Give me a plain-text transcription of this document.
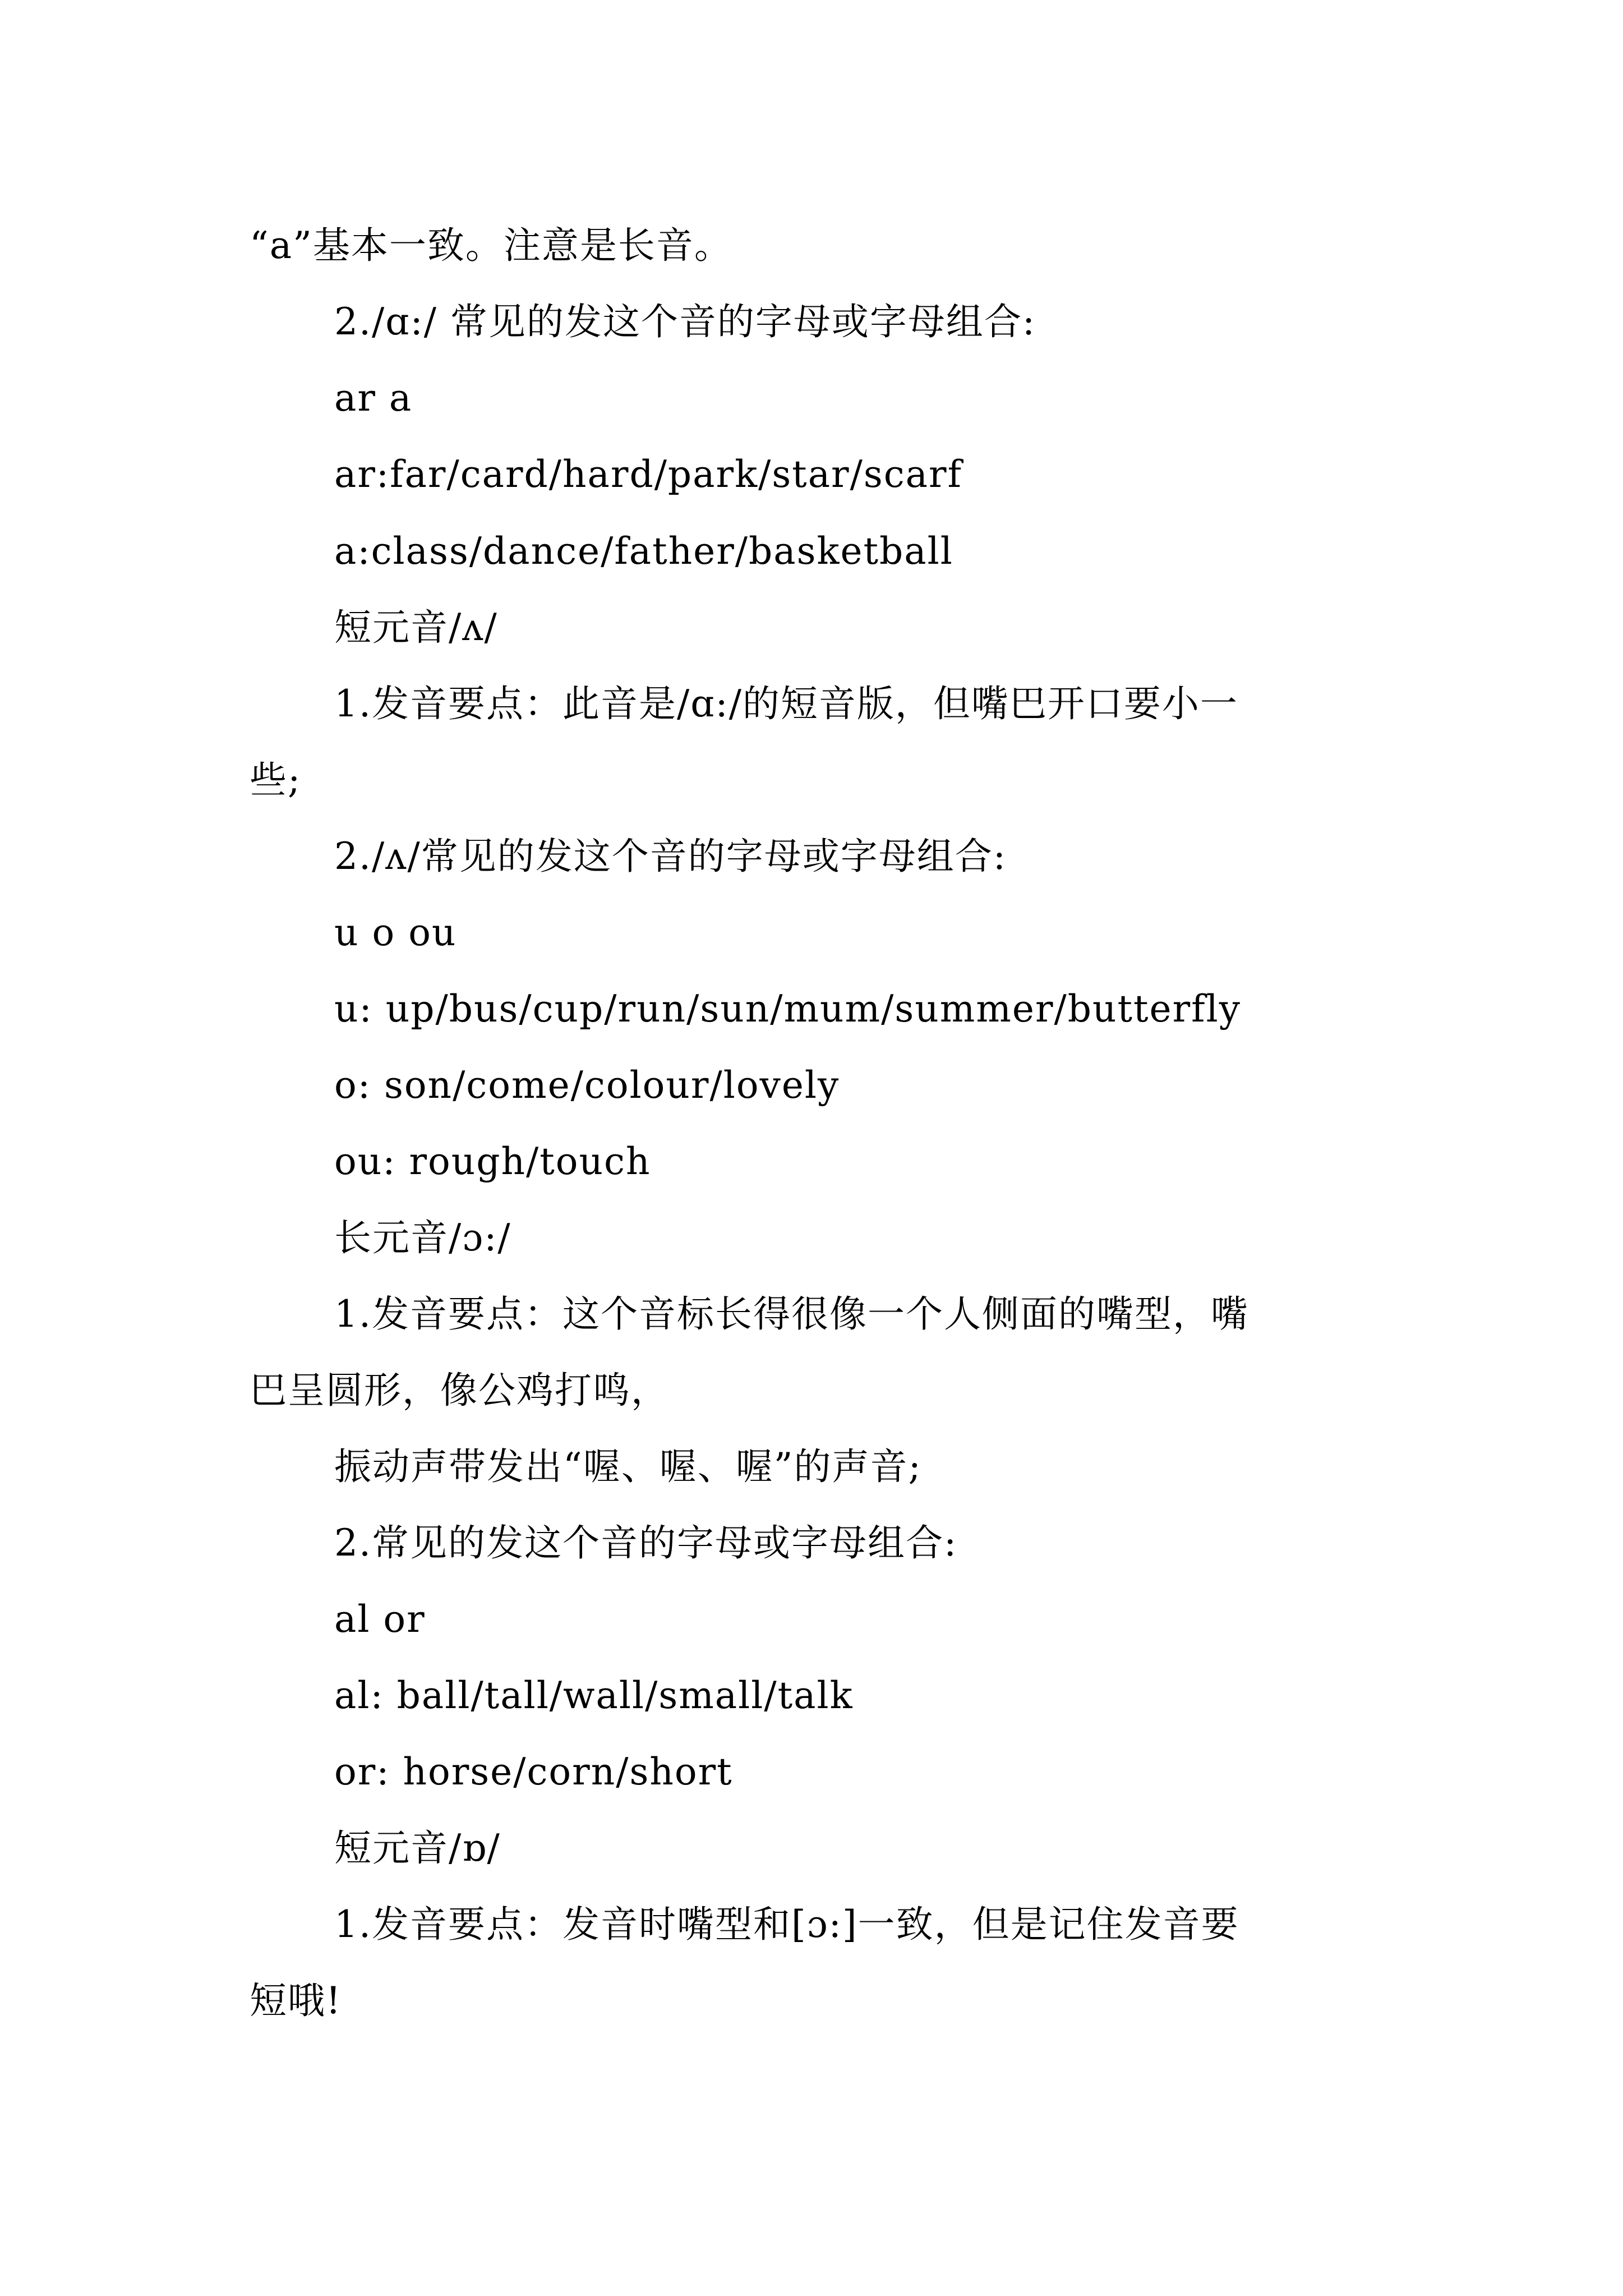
“a”基本一致。注意是长音。
2./ɑ:/ 常见的发这个音的字母或字母组合:
ar a
ar:far/card/hard/park/star/scarf
a:class/dance/father/basketball
短元音/ʌ/
1.发音要点：此音是/ɑ:/的短音版，但嘴巴开口要小一
些;
2./ʌ/常见的发这个音的字母或字母组合:
u o ou
u: up/bus/cup/run/sun/mum/summer/butterfly
o: son/come/colour/lovely
ou: rough/touch
长元音/ɔ:/
1.发音要点：这个音标长得很像一个人侧面的嘴型，嘴
巴呈圆形，像公鸡打鸣，
振动声带发出“喔、喔、喔”的声音;
2.常见的发这个音的字母或字母组合:
al or
al: ball/tall/wall/small/talk
or: horse/corn/short
短元音/ɒ/
1.发音要点：发音时嘴型和[ɔ:]一致，但是记住发音要
短哦!
